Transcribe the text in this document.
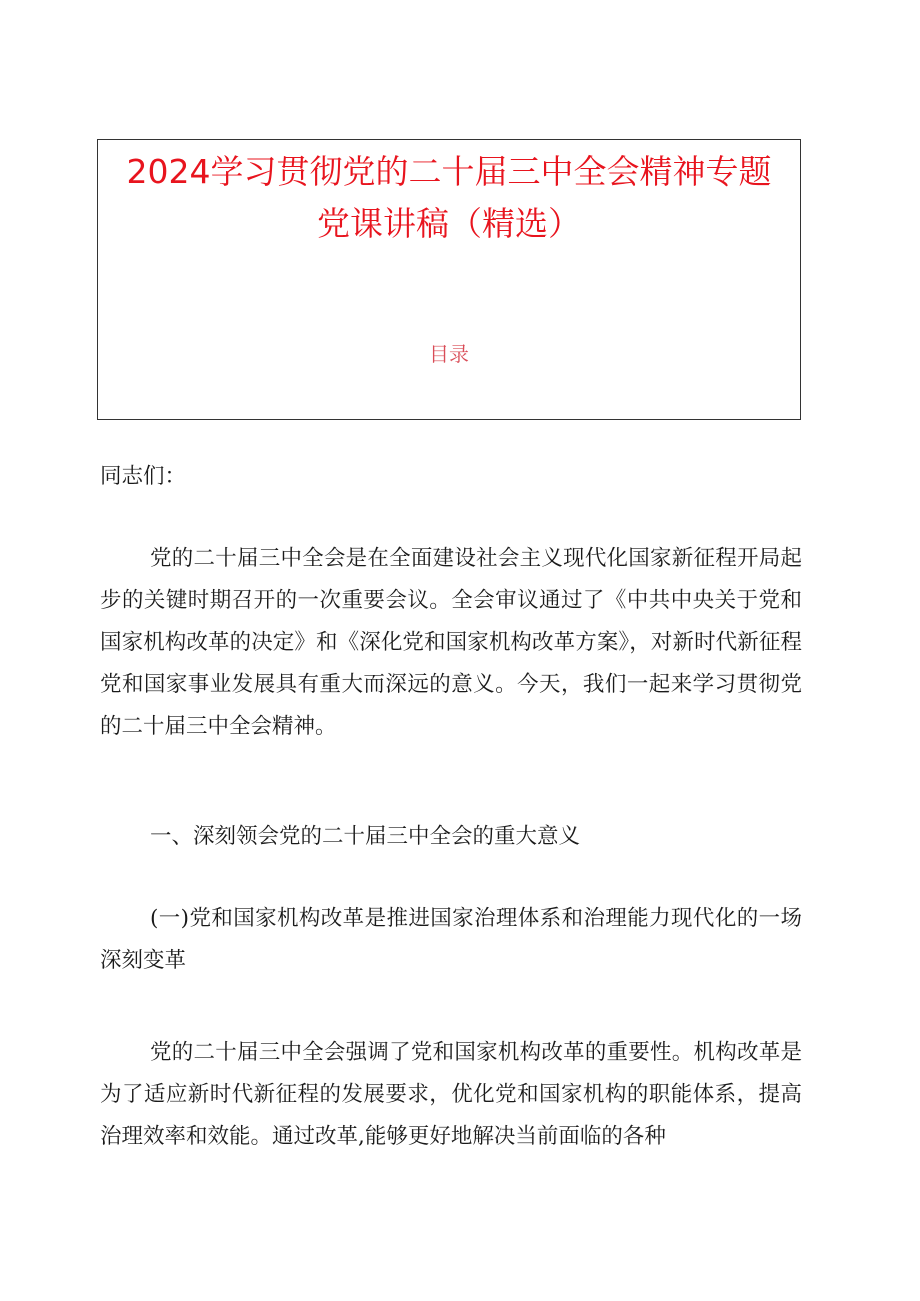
2024学习贯彻党的二十届三中全会精神专题党课讲稿（精选）
目录

同志们：

党的二十届三中全会是在全面建设社会主义现代化国家新征程开局起步的关键时期召开的一次重要会议。全会审议通过了《中共中央关于党和国家机构改革的决定》和《深化党和国家机构改革方案》，对新时代新征程党和国家事业发展具有重大而深远的意义。今天，我们一起来学习贯彻党的二十届三中全会精神。

一、深刻领会党的二十届三中全会的重大意义

(一)党和国家机构改革是推进国家治理体系和治理能力现代化的一场深刻变革

党的二十届三中全会强调了党和国家机构改革的重要性。机构改革是为了适应新时代新征程的发展要求，优化党和国家机构的职能体系，提高治理效率和效能。通过改革,能够更好地解决当前面临的各种
